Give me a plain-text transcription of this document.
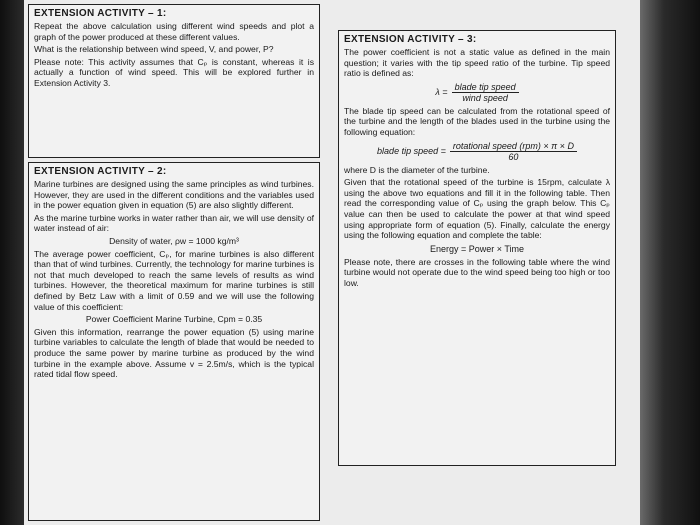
EXTENSION ACTIVITY – 1:

Repeat the above calculation using different wind speeds and plot a graph of the power produced at these different values.

What is the relationship between wind speed, V, and power, P?

Please note: This activity assumes that Cₚ is constant, whereas it is actually a function of wind speed. This will be explored further in Extension Activity 3.

EXTENSION ACTIVITY – 2:

Marine turbines are designed using the same principles as wind turbines. However, they are used in the different conditions and the variables used in the power equation given in equation (5) are also slightly different.

As the marine turbine works in water rather than air, we will use density of water instead of air:

Density of water, ρw = 1000 kg/m³

The average power coefficient, Cₚ, for marine turbines is also different than that of wind turbines. Currently, the technology for marine turbines is not that much developed to reach the same levels of results as wind turbines. However, the theoretical maximum for marine turbines is still defined by Betz Law with a limit of 0.59 and we will use the following value of this coefficient:

Power Coefficient Marine Turbine, Cpm = 0.35

Given this information, rearrange the power equation (5) using marine turbine variables to calculate the length of blade that would be needed to produce the same power by marine turbine as produced by the wind turbine in the example above. Assume v = 2.5m/s, which is the typical rated tidal flow speed.

EXTENSION ACTIVITY – 3:

The power coefficient is not a static value as defined in the main question; it varies with the tip speed ratio of the turbine. Tip speed ratio is defined as:

$\lambda = \frac{\text{blade tip speed}}{\text{wind speed}}$

The blade tip speed can be calculated from the rotational speed of the turbine and the length of the blades used in the turbine using the following equation:

blade tip speed = $\frac{\text{rotational speed (rpm) × π × D}}{60}$

where D is the diameter of the turbine.

Given that the rotational speed of the turbine is 15rpm, calculate λ using the above two equations and fill it in the following table. Then read the corresponding value of Cₚ using the graph below. This Cₚ value can then be used to calculate the power at that wind speed using appropriate form of equation (5). Finally, calculate the energy using the following equation and complete the table:

Energy = Power × Time

Please note, there are crosses in the following table where the wind turbine would not operate due to the wind speed being too high or too low.
